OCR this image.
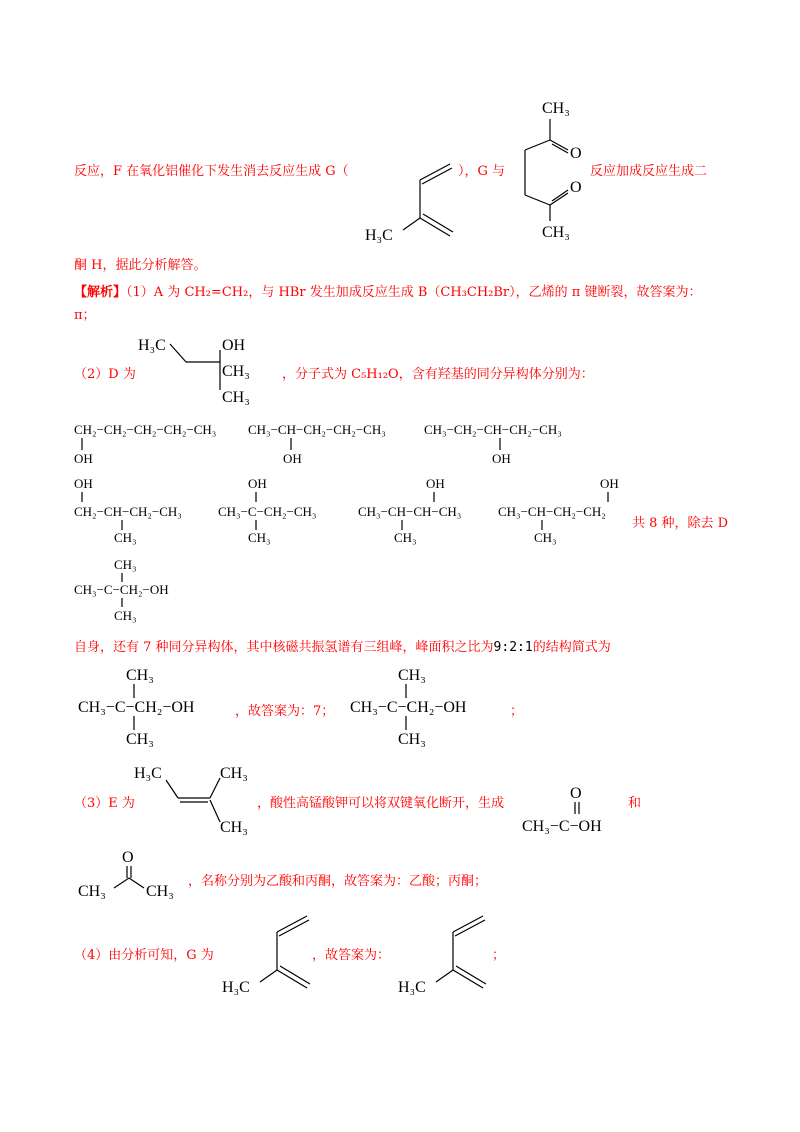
反应，F 在氧化铝催化下发生消去反应生成 G（
H₃C
），G 与
CH₃
O
O
CH₃
反应加成反应生成二
酮 H，据此分析解答。
【解析】（1）A 为 CH₂=CH₂，与 HBr 发生加成反应生成 B（CH₃CH₂Br），乙烯的 π 键断裂，故答案为：
π；
（2）D 为
H₃C	OH
CH₃
CH₃
，分子式为 C₅H₁₂O，含有羟基的同分异构体分别为：
CH₂−CH₂−CH₂−CH₂−CH₃
OH
CH₃−CH−CH₂−CH₂−CH₃
OH
CH₃−CH₂−CH−CH₂−CH₃
OH
OH
CH₂−CH−CH₂−CH₃
CH₃
OH
CH₃−C−CH₂−CH₃
CH₃
OH
CH₃−CH−CH−CH₃
CH₃
OH
CH₃−CH−CH₂−CH₂
CH₃
共 8 种，除去 D
CH₃
CH₃−C−CH₂−OH
CH₃
自身，还有 7 种同分异构体，其中核磁共振氢谱有三组峰，峰面积之比为9:2:1的结构简式为
CH₃
CH₃−C−CH₂−OH
CH₃
，故答案为：7；
CH₃
CH₃−C−CH₂−OH
CH₃
；
（3）E 为
H₃C	CH₃
CH₃
，酸性高锰酸钾可以将双键氧化断开，生成
O
CH₃−C−OH
和
O
CH₃	CH₃
，名称分别为乙酸和丙酮，故答案为：乙酸；丙酮；
（4）由分析可知，G 为
H₃C
，故答案为：
H₃C
；
